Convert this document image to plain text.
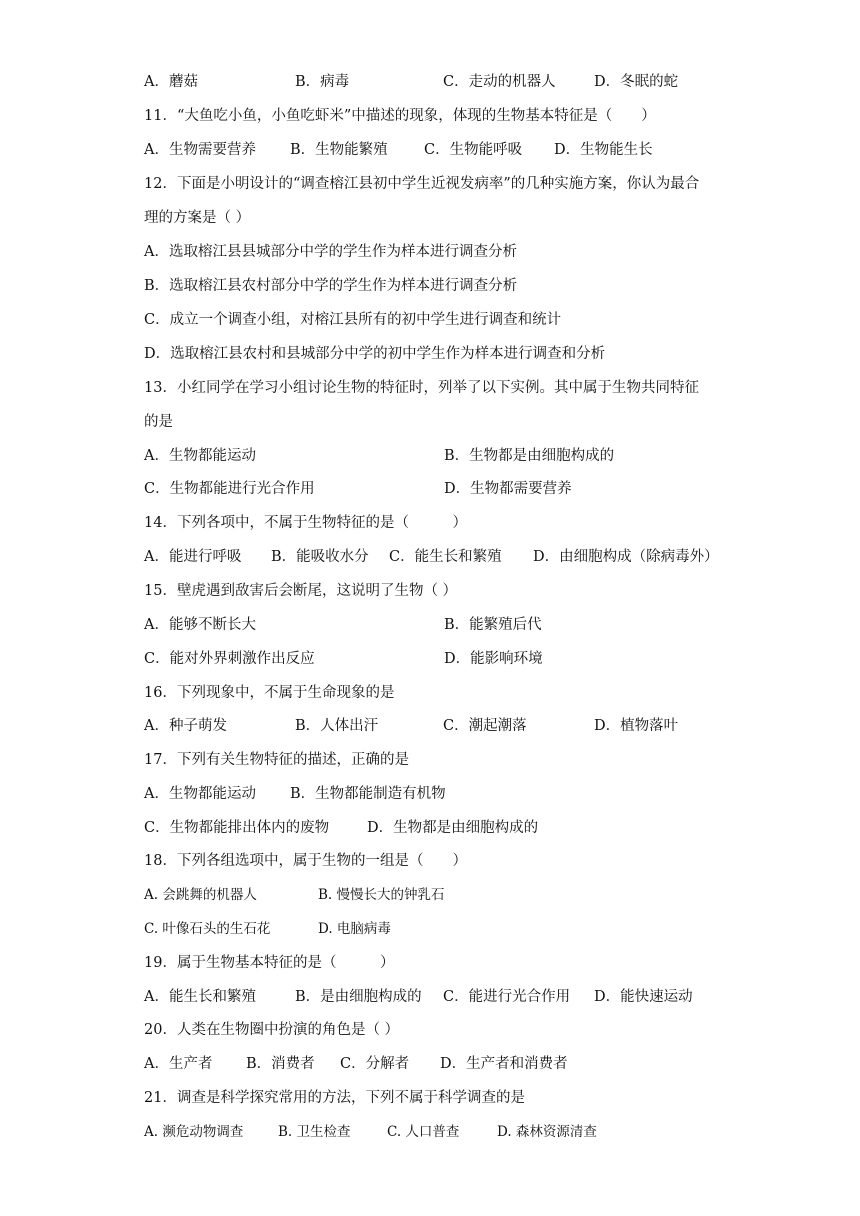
A．蘑菇	B．病毒	C．走动的机器人	D．冬眠的蛇
11．“大鱼吃小鱼，小鱼吃虾米”中描述的现象，体现的生物基本特征是（　　）
A．生物需要营养 B．生物能繁殖	C．生物能呼吸 D．生物能生长
12．下面是小明设计的“调查榕江县初中学生近视发病率”的几种实施方案，你认为最合
理的方案是（ ）
A．选取榕江县县城部分中学的学生作为样本进行调查分析
B．选取榕江县农村部分中学的学生作为样本进行调查分析
C．成立一个调查小组，对榕江县所有的初中学生进行调查和统计
D．选取榕江县农村和县城部分中学的初中学生作为样本进行调查和分析
13．小红同学在学习小组讨论生物的特征时，列举了以下实例。其中属于生物共同特征
的是
A．生物都能运动	B．生物都是由细胞构成的
C．生物都能进行光合作用	D．生物都需要营养
14．下列各项中，不属于生物特征的是（　　　）
A．能进行呼吸 B．能吸收水分 C．能生长和繁殖 D．由细胞构成（除病毒外）
15．壁虎遇到敌害后会断尾，这说明了生物（ ）
A．能够不断长大	B．能繁殖后代
C．能对外界刺激作出反应	D．能影响环境
16．下列现象中，不属于生命现象的是
A．种子萌发	B．人体出汗	C．潮起潮落	D．植物落叶
17．下列有关生物特征的描述，正确的是
A．生物都能运动 B．生物都能制造有机物
C．生物都能排出体内的废物	D．生物都是由细胞构成的
18．下列各组选项中，属于生物的一组是（　　）
A. 会跳舞的机器人	B. 慢慢长大的钟乳石
C. 叶像石头的生石花	D. 电脑病毒
19．属于生物基本特征的是（　　　）
A．能生长和繁殖	B．是由细胞构成的 C．能进行光合作用 D．能快速运动
20．人类在生物圈中扮演的角色是（ ）
A．生产者 B．消费者 C．分解者 D．生产者和消费者
21．调查是科学探究常用的方法，下列不属于科学调查的是
A. 濒危动物调查	B. 卫生检查	C. 人口普查	D. 森林资源清查
